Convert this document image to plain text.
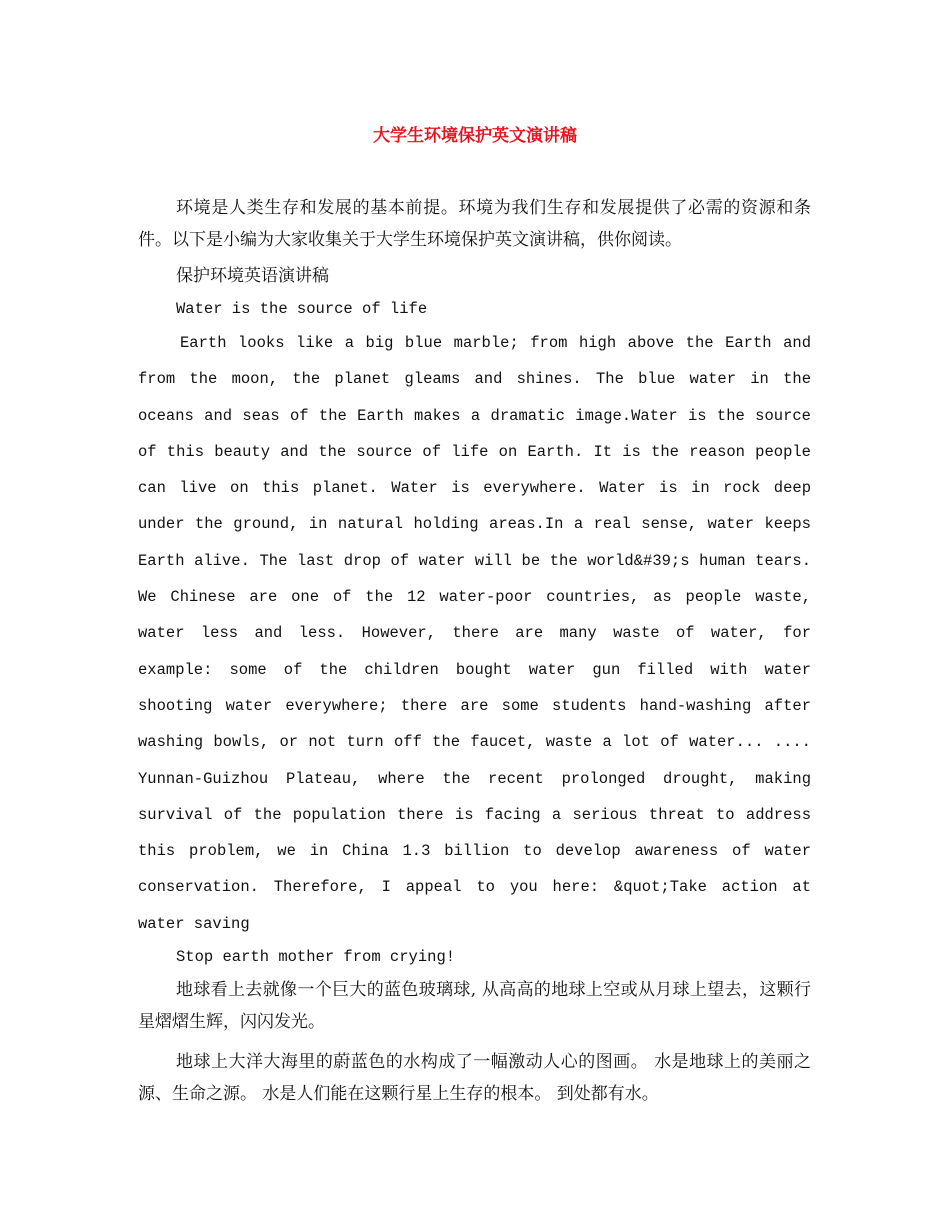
大学生环境保护英文演讲稿

环境是人类生存和发展的基本前提。环境为我们生存和发展提供了必需的资源和条件。以下是小编为大家收集关于大学生环境保护英文演讲稿，供你阅读。

保护环境英语演讲稿

Water is the source of life

Earth looks like a big blue marble; from high above the Earth and from the moon, the planet gleams and shines. The blue water in the oceans and seas of the Earth makes a dramatic image.Water is the source of this beauty and the source of life on Earth. It is the reason people can live on this planet. Water is everywhere. Water is in rock deep under the ground, in natural holding areas.In a real sense, water keeps Earth alive. The last drop of water will be the world&#39;s human tears. We Chinese are one of the 12 water-poor countries, as people waste, water less and less. However, there are many waste of water, for example: some of the children bought water gun filled with water shooting water everywhere; there are some students hand-washing after washing bowls, or not turn off the faucet, waste a lot of water... .... Yunnan-Guizhou Plateau, where the recent prolonged drought, making survival of the population there is facing a serious threat to address this problem, we in China 1.3 billion to develop awareness of water conservation. Therefore, I appeal to you here: &quot;Take action at water saving

Stop earth mother from crying!

地球看上去就像一个巨大的蓝色玻璃球, 从高高的地球上空或从月球上望去，这颗行星熠熠生辉，闪闪发光。

地球上大洋大海里的蔚蓝色的水构成了一幅激动人心的图画。 水是地球上的美丽之源、生命之源。 水是人们能在这颗行星上生存的根本。 到处都有水。
